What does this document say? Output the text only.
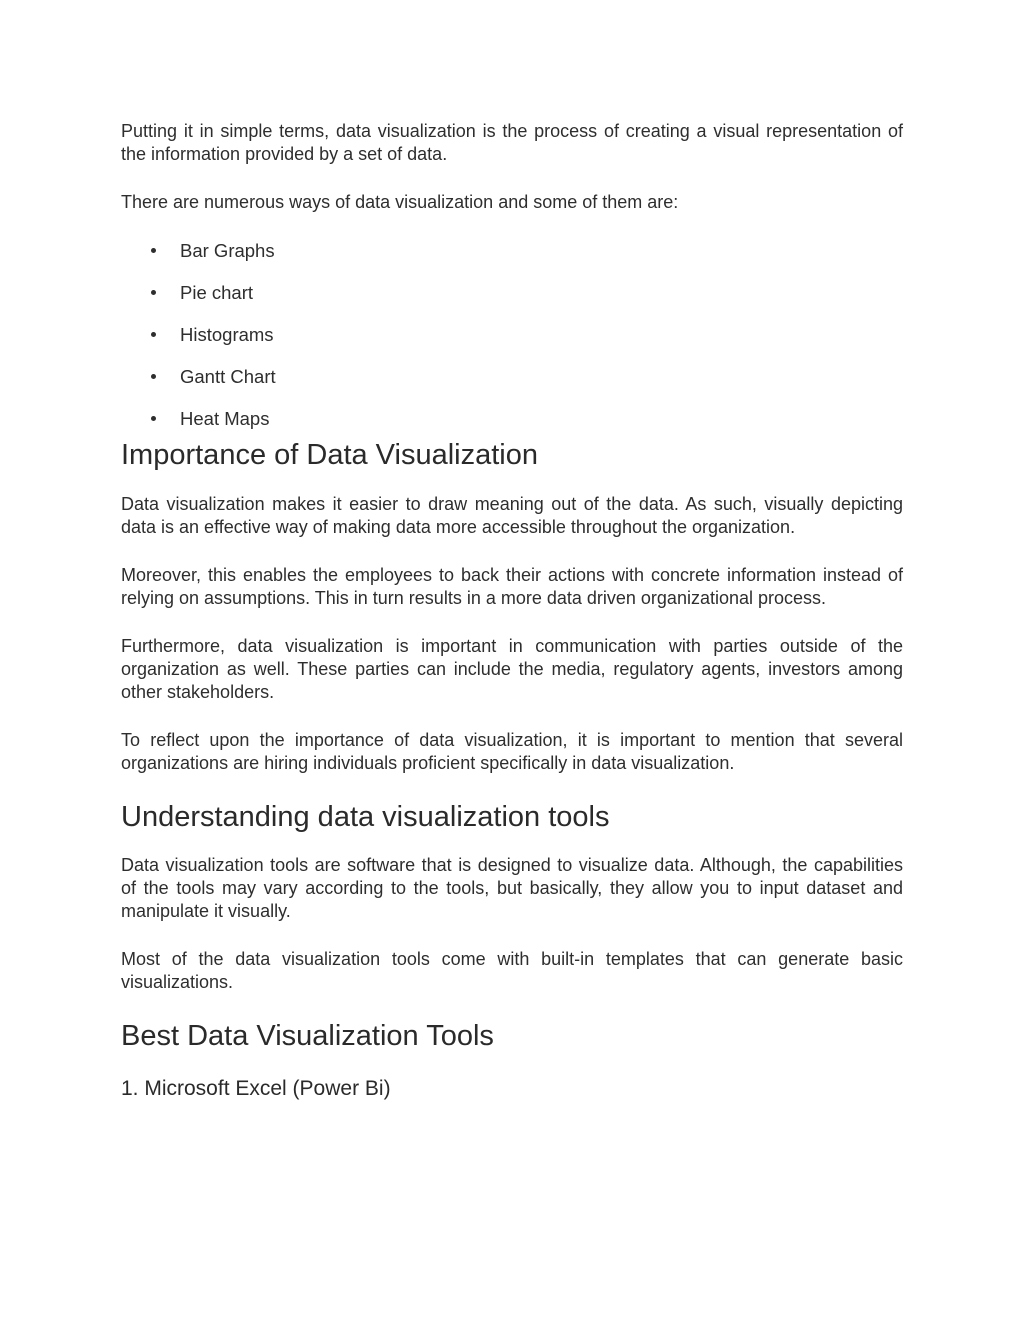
Putting it in simple terms, data visualization is the process of creating a visual representation of the information provided by a set of data.

There are numerous ways of data visualization and some of them are:

Bar Graphs
Pie chart
Histograms
Gantt Chart
Heat Maps
Importance of Data Visualization

Data visualization makes it easier to draw meaning out of the data. As such, visually depicting data is an effective way of making data more accessible throughout the organization.

Moreover, this enables the employees to back their actions with concrete information instead of relying on assumptions. This in turn results in a more data driven organizational process.

Furthermore, data visualization is important in communication with parties outside of the organization as well. These parties can include the media, regulatory agents, investors among other stakeholders.

To reflect upon the importance of data visualization, it is important to mention that several organizations are hiring individuals proficient specifically in data visualization.

Understanding data visualization tools

Data visualization tools are software that is designed to visualize data. Although, the capabilities of the tools may vary according to the tools, but basically, they allow you to input dataset and manipulate it visually.

Most of the data visualization tools come with built-in templates that can generate basic visualizations.

Best Data Visualization Tools
1. Microsoft Excel (Power Bi)
